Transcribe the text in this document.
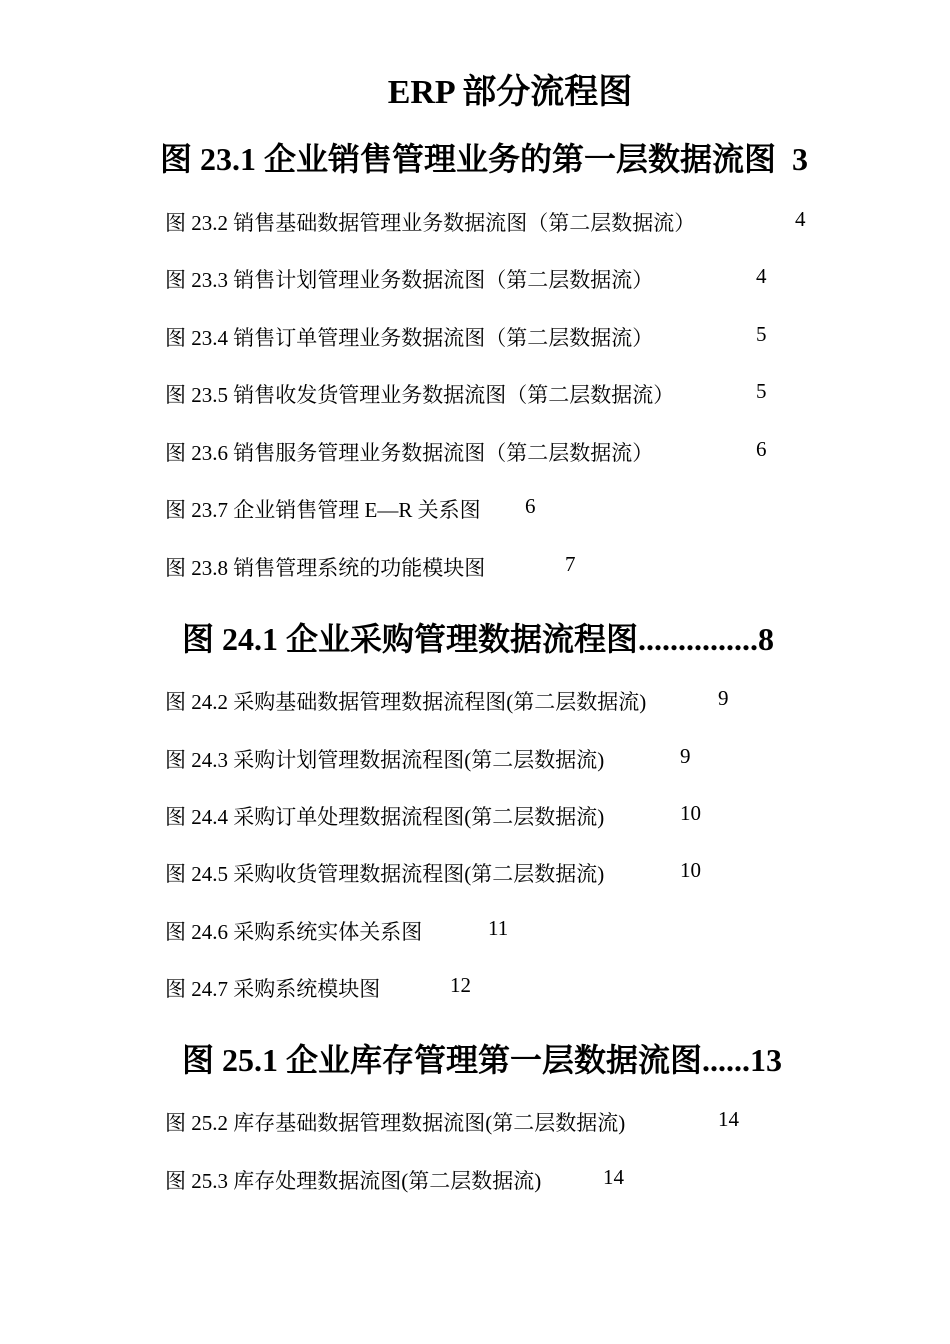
ERP 部分流程图
图 23.1 企业销售管理业务的第一层数据流图 3
图 23.2 销售基础数据管理业务数据流图（第二层数据流）	4
图 23.3 销售计划管理业务数据流图（第二层数据流）	4
图 23.4 销售订单管理业务数据流图（第二层数据流）	5
图 23.5 销售收发货管理业务数据流图（第二层数据流）	5
图 23.6 销售服务管理业务数据流图（第二层数据流）	6
图 23.7 企业销售管理 E—R 关系图 6
图 23.8 销售管理系统的功能模块图	7
图 24.1 企业采购管理数据流程图...............8
图 24.2 采购基础数据管理数据流程图(第二层数据流)	9
图 24.3 采购计划管理数据流程图(第二层数据流)	9
图 24.4 采购订单处理数据流程图(第二层数据流)	10
图 24.5 采购收货管理数据流程图(第二层数据流)	10
图 24.6 采购系统实体关系图	11
图 24.7 采购系统模块图	12
图 25.1 企业库存管理第一层数据流图......13
图 25.2 库存基础数据管理数据流图(第二层数据流)	14
图 25.3 库存处理数据流图(第二层数据流)	14
